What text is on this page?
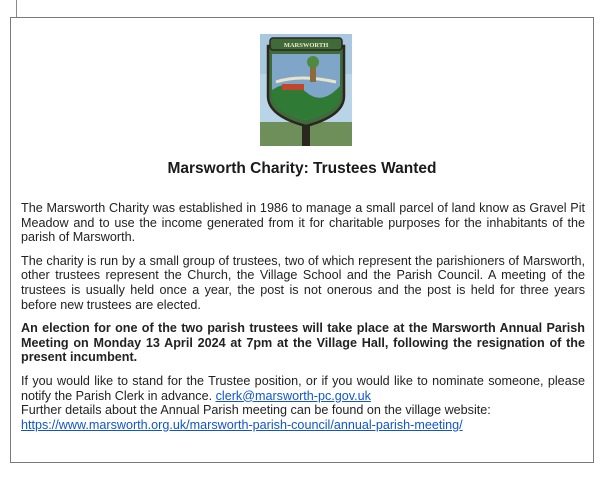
MARSWORTH
Marsworth Charity: Trustees Wanted

The Marsworth Charity was established in 1986 to manage a small parcel of land know as Gravel Pit Meadow and to use the income generated from it for charitable purposes for the inhabitants of the parish of Marsworth.

The charity is run by a small group of trustees, two of which represent the parishioners of Marsworth, other trustees represent the Church, the Village School and the Parish Council. A meeting of the trustees is usually held once a year, the post is not onerous and the post is held for three years before new trustees are elected.

An election for one of the two parish trustees will take place at the Marsworth Annual Parish Meeting on Monday 13 April 2024 at 7pm at the Village Hall, following the resignation of the present incumbent.

If you would like to stand for the Trustee position, or if you would like to nominate someone, please notify the Parish Clerk in advance. clerk@marsworth-pc.gov.uk
Further details about the Annual Parish meeting can be found on the village website:
https://www.marsworth.org.uk/marsworth-parish-council/annual-parish-meeting/
